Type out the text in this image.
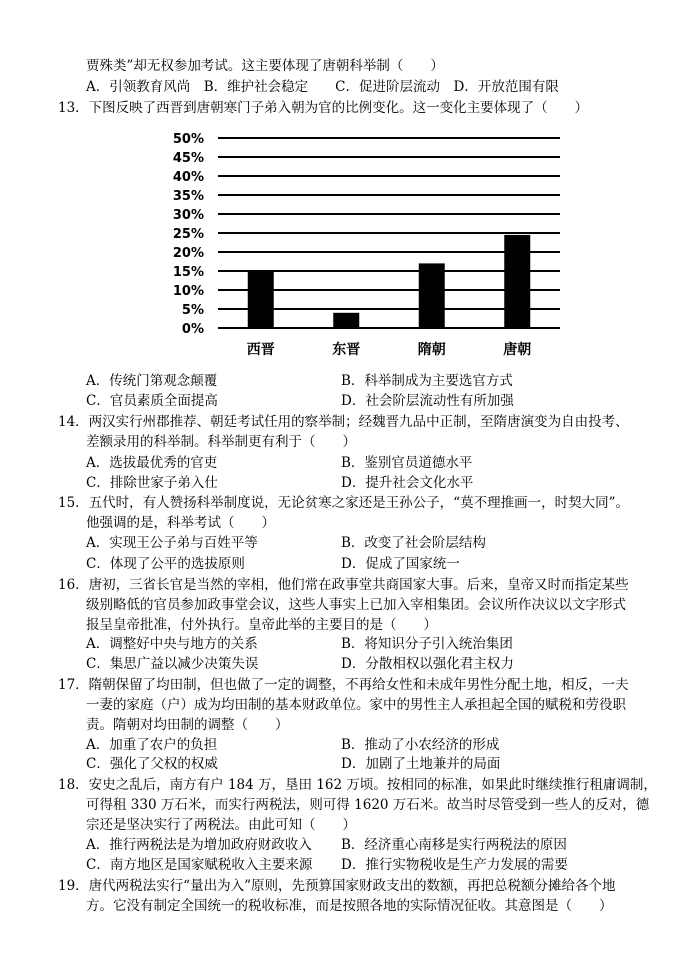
贾殊类”却无权参加考试。这主要体现了唐朝科举制（　　）
A．引领教育风尚　B．维护社会稳定　　C．促进阶层流动　D．开放范围有限
13．下图反映了西晋到唐朝寒门子弟入朝为官的比例变化。这一变化主要体现了（　　）
0%
5%
10%
15%
20%
25%
30%
35%
40%
45%
50%
西晋	东晋	隋朝	唐朝
A．传统门第观念颠覆	B．科举制成为主要选官方式
C．官员素质全面提高	D．社会阶层流动性有所加强
14．两汉实行州郡推荐、朝廷考试任用的察举制；经魏晋九品中正制，至隋唐演变为自由投考、
差额录用的科举制。科举制更有利于（　　）
A．选拔最优秀的官吏	B．鉴别官员道德水平
C．排除世家子弟入仕	D．提升社会文化水平
15．五代时，有人赞扬科举制度说，无论贫寒之家还是王孙公子，“莫不理推画一，时契大同”。
他强调的是，科举考试（　　）
A．实现王公子弟与百姓平等	B．改变了社会阶层结构
C．体现了公平的选拔原则	D．促成了国家统一
16．唐初，三省长官是当然的宰相，他们常在政事堂共商国家大事。后来，皇帝又时而指定某些
级别略低的官员参加政事堂会议，这些人事实上已加入宰相集团。会议所作决议以文字形式
报呈皇帝批准，付外执行。皇帝此举的主要目的是（　　）
A．调整好中央与地方的关系	B．将知识分子引入统治集团
C．集思广益以减少决策失误	D．分散相权以强化君主权力
17．隋朝保留了均田制，但也做了一定的调整，不再给女性和未成年男性分配土地，相反，一夫
一妻的家庭（户）成为均田制的基本财政单位。家中的男性主人承担起全国的赋税和劳役职
责。隋朝对均田制的调整（　　）
A．加重了农户的负担	B．推动了小农经济的形成
C．强化了父权的权威	D．加剧了土地兼并的局面
18．安史之乱后，南方有户 184 万，垦田 162 万顷。按相同的标准，如果此时继续推行租庸调制，
可得租 330 万石米，而实行两税法，则可得 1620 万石米。故当时尽管受到一些人的反对，德
宗还是坚决实行了两税法。由此可知（　　）
A．推行两税法是为增加政府财政收入 B．经济重心南移是实行两税法的原因
C．南方地区是国家赋税收入主要来源 D．推行实物税收是生产力发展的需要
19．唐代两税法实行“量出为入”原则，先预算国家财政支出的数额，再把总税额分摊给各个地
方。它没有制定全国统一的税收标准，而是按照各地的实际情况征收。其意图是（　　）
